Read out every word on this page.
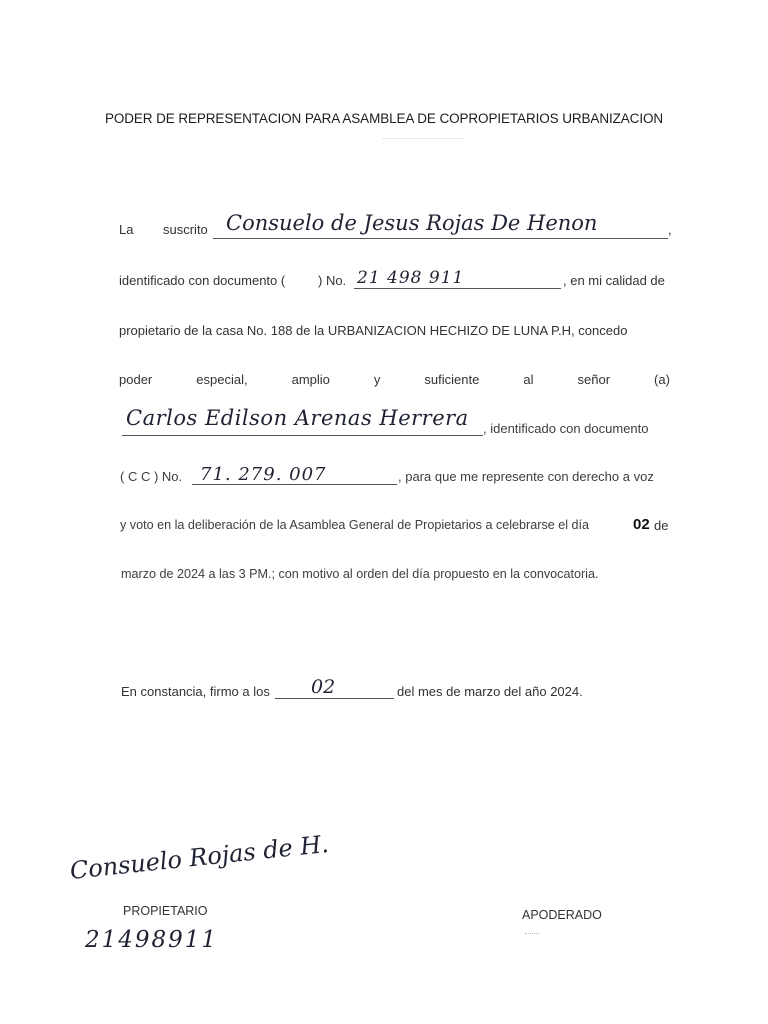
PODER DE REPRESENTACION PARA ASAMBLEA DE COPROPIETARIOS URBANIZACION
La suscrito Consuelo de Jesus Rojas De Henon	,
identificado con documento (	) No. 21 498 911	, en mi calidad de
propietario de la casa No. 188 de la URBANIZACION HECHIZO DE LUNA P.H, concedo
poder	especial,	amplio	y	suficiente	al	señor	(a)
Carlos Edilson Arenas Herrera , identificado con documento
( C C ) No. 71. 279. 007	, para que me represente con derecho a voz
y voto en la deliberación de la Asamblea General de Propietarios a celebrarse el día	02 de
marzo de 2024 a las 3 PM.; con motivo al orden del día propuesto en la convocatoria.
En constancia, firmo a los 02	del mes de marzo del año 2024.
Consuelo Rojas de H.
PROPIETARIO
21498911
APODERADO
